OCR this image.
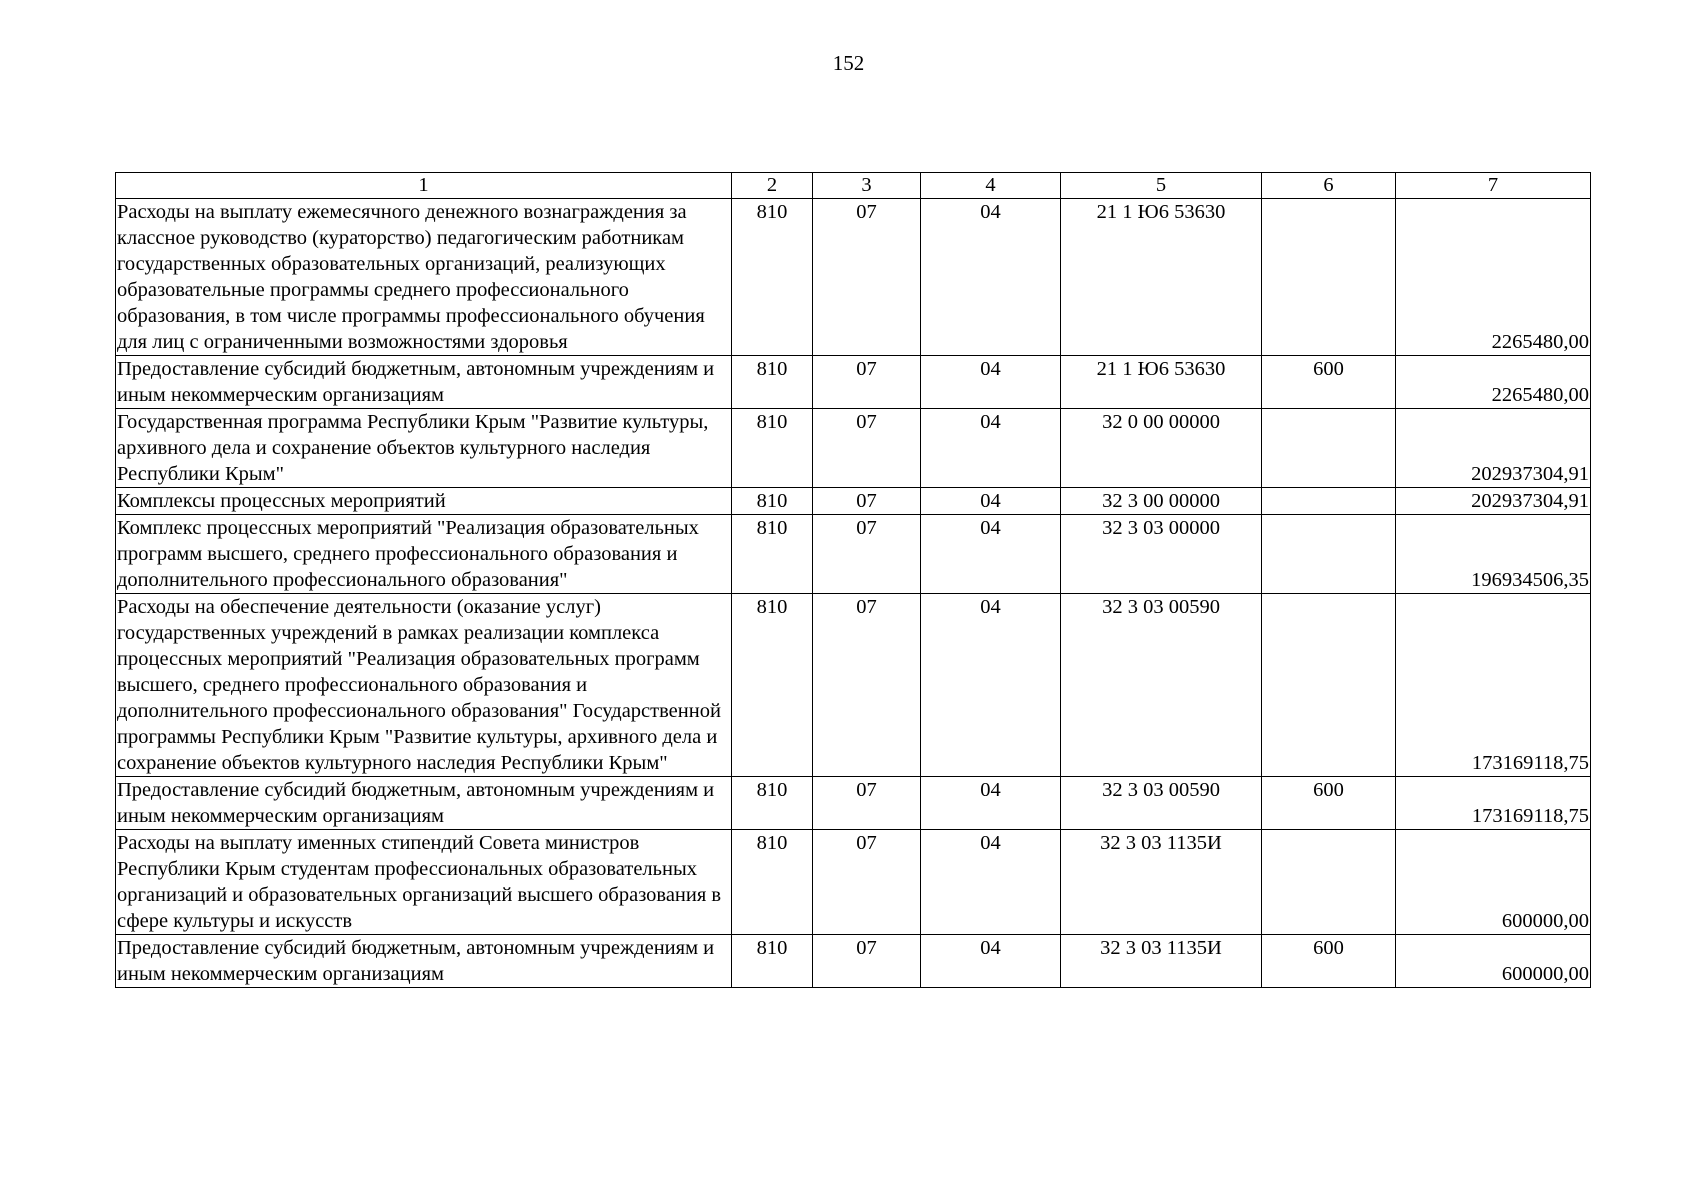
152
1	2	3	4	5	6	7
Расходы на выплату ежемесячного денежного вознаграждения за классное руководство (кураторство) педагогическим работникам государственных образовательных организаций, реализующих образовательные программы среднего профессионального образования, в том числе программы профессионального обучения для лиц с ограниченными возможностями здоровья	810	07	04	21 1 Ю6 53630		2265480,00
Предоставление субсидий бюджетным, автономным учреждениям и иным некоммерческим организациям	810	07	04	21 1 Ю6 53630	600	2265480,00
Государственная программа Республики Крым "Развитие культуры, архивного дела и сохранение объектов культурного наследия Республики Крым"	810	07	04	32 0 00 00000		202937304,91
Комплексы процессных мероприятий	810	07	04	32 3 00 00000		202937304,91
Комплекс процессных мероприятий "Реализация образовательных программ высшего, среднего профессионального образования и дополнительного профессионального образования"	810	07	04	32 3 03 00000		196934506,35
Расходы на обеспечение деятельности (оказание услуг) государственных учреждений в рамках реализации комплекса процессных мероприятий "Реализация образовательных программ высшего, среднего профессионального образования и дополнительного профессионального образования" Государственной программы Республики Крым "Развитие культуры, архивного дела и сохранение объектов культурного наследия Республики Крым"	810	07	04	32 3 03 00590		173169118,75
Предоставление субсидий бюджетным, автономным учреждениям и иным некоммерческим организациям	810	07	04	32 3 03 00590	600	173169118,75
Расходы на выплату именных стипендий Совета министров Республики Крым студентам профессиональных образовательных организаций и образовательных организаций высшего образования в сфере культуры и искусств	810	07	04	32 3 03 1135И		600000,00
Предоставление субсидий бюджетным, автономным учреждениям и иным некоммерческим организациям	810	07	04	32 3 03 1135И	600	600000,00
